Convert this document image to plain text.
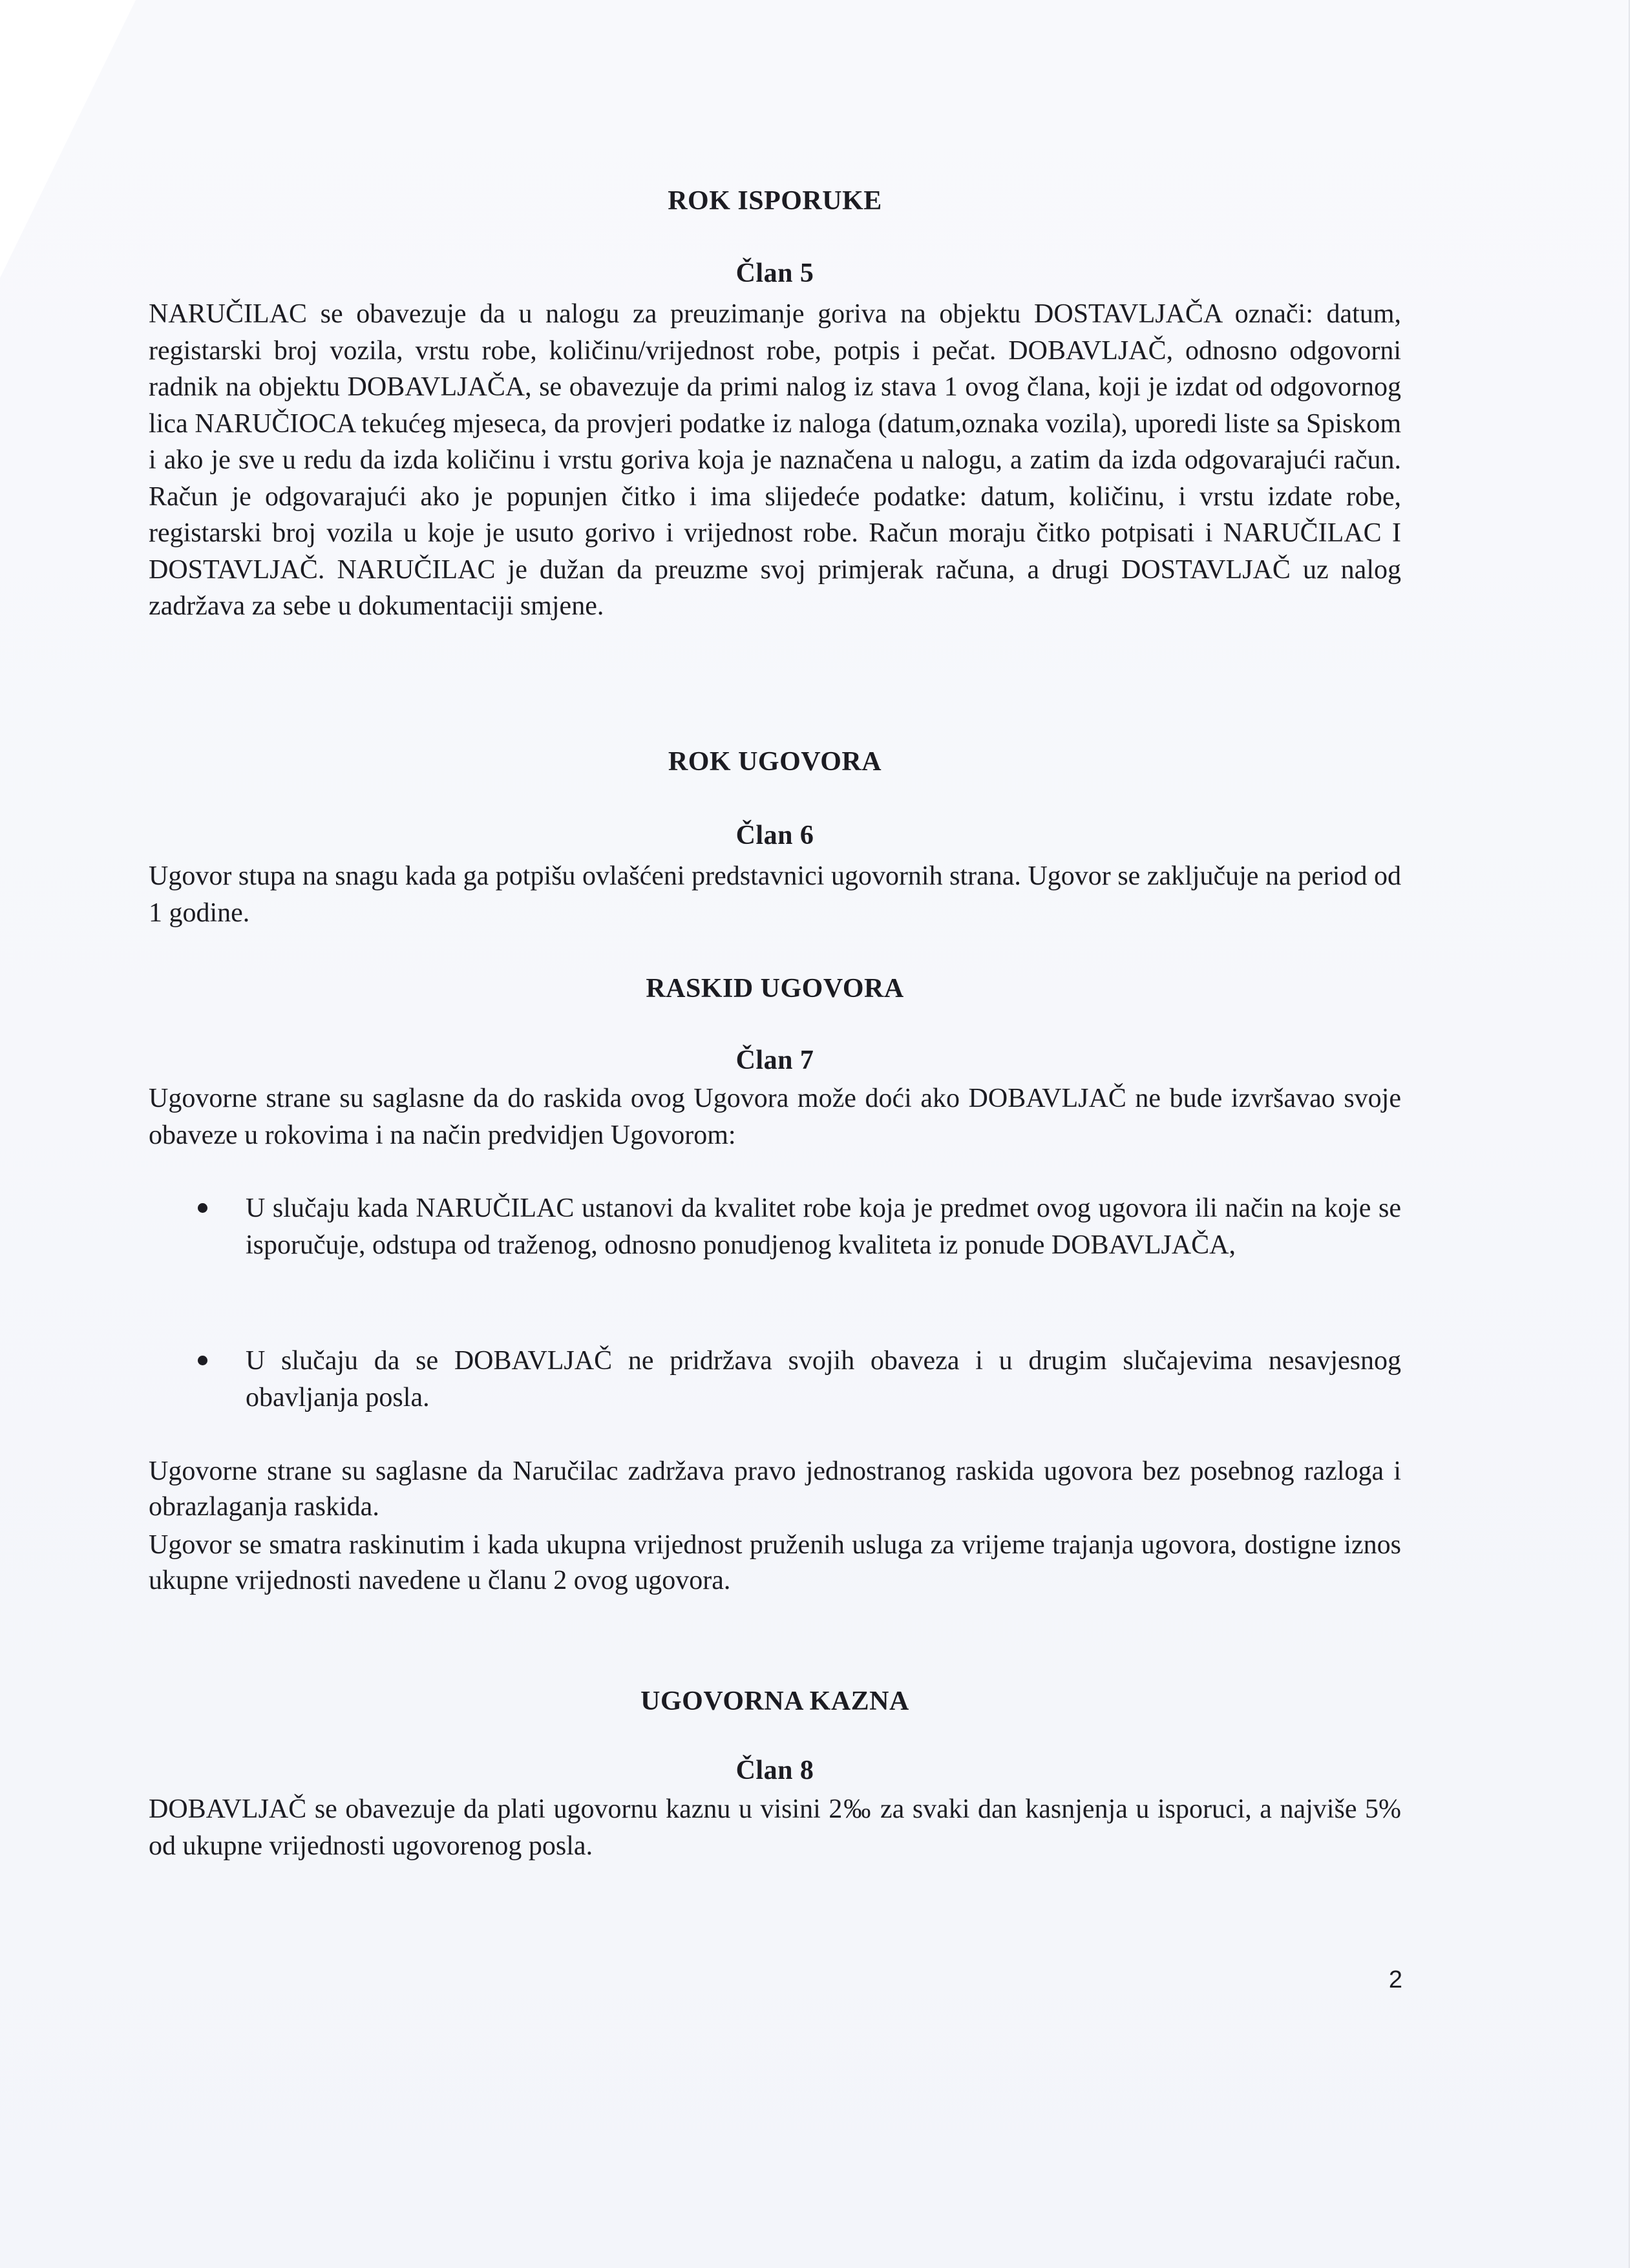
ROK ISPORUKE
Član 5

NARUČILAC se obavezuje da u nalogu za preuzimanje goriva na objektu DOSTAVLJAČA označi: datum, registarski broj vozila, vrstu robe, količinu/vrijednost robe, potpis i pečat. DOBAVLJAČ, odnosno odgovorni radnik na objektu DOBAVLJAČA, se obavezuje da primi nalog iz stava 1 ovog člana, koji je izdat od odgovornog lica NARUČIOCA tekućeg mjeseca, da provjeri podatke iz naloga (datum,oznaka vozila), uporedi liste sa Spiskom i ako je sve u redu da izda količinu i vrstu goriva koja je naznačena u nalogu, a zatim da izda odgovarajući račun. Račun je odgovarajući ako je popunjen čitko i ima slijedeće podatke: datum, količinu, i vrstu izdate robe, registarski broj vozila u koje je usuto gorivo i vrijednost robe. Račun moraju čitko potpisati i NARUČILAC I DOSTAVLJAČ. NARUČILAC je dužan da preuzme svoj primjerak računa, a drugi DOSTAVLJAČ uz nalog zadržava za sebe u dokumentaciji smjene.

ROK UGOVORA
Član 6

Ugovor stupa na snagu kada ga potpišu ovlašćeni predstavnici ugovornih strana. Ugovor se zaključuje na period od 1 godine.

RASKID UGOVORA
Član 7

Ugovorne strane su saglasne da do raskida ovog Ugovora može doći ako DOBAVLJAČ ne bude izvršavao svoje obaveze u rokovima i na način predvidjen Ugovorom:

U slučaju kada NARUČILAC ustanovi da kvalitet robe koja je predmet ovog ugovora ili način na koje se isporučuje, odstupa od traženog, odnosno ponudjenog kvaliteta iz ponude DOBAVLJAČA,
U slučaju da se DOBAVLJAČ ne pridržava svojih obaveza i u drugim slučajevima nesavjesnog obavljanja posla.

Ugovorne strane su saglasne da Naručilac zadržava pravo jednostranog raskida ugovora bez posebnog razloga i obrazlaganja raskida.

Ugovor se smatra raskinutim i kada ukupna vrijednost pruženih usluga za vrijeme trajanja ugovora, dostigne iznos ukupne vrijednosti navedene u članu 2 ovog ugovora.

UGOVORNA KAZNA
Član 8

DOBAVLJAČ se obavezuje da plati ugovornu kaznu u visini 2‰ za svaki dan kasnjenja u isporuci, a najviše 5% od ukupne vrijednosti ugovorenog posla.

2
